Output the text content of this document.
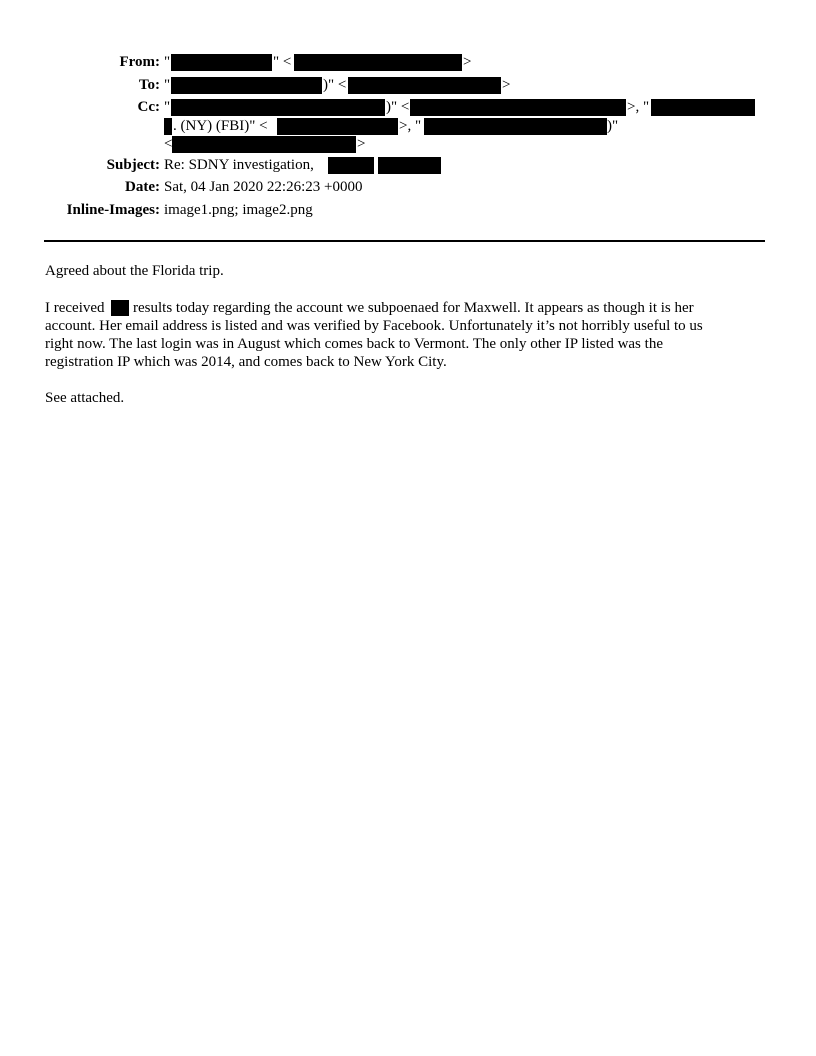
From: "	" <	>
To: "	)" <	>
Cc: "	)" <	>, "
. (NY) (FBI)" <	>, "	)"
<	>
Subject: Re: SDNY investigation,
Date: Sat, 04 Jan 2020 22:26:23 +0000
Inline-Images: image1.png; image2.png
Agreed about the Florida trip.
I received results today regarding the account we subpoenaed for Maxwell. It appears as though it is her
account. Her email address is listed and was verified by Facebook. Unfortunately it’s not horribly useful to us
right now. The last login was in August which comes back to Vermont. The only other IP listed was the
registration IP which was 2014, and comes back to New York City.
See attached.
